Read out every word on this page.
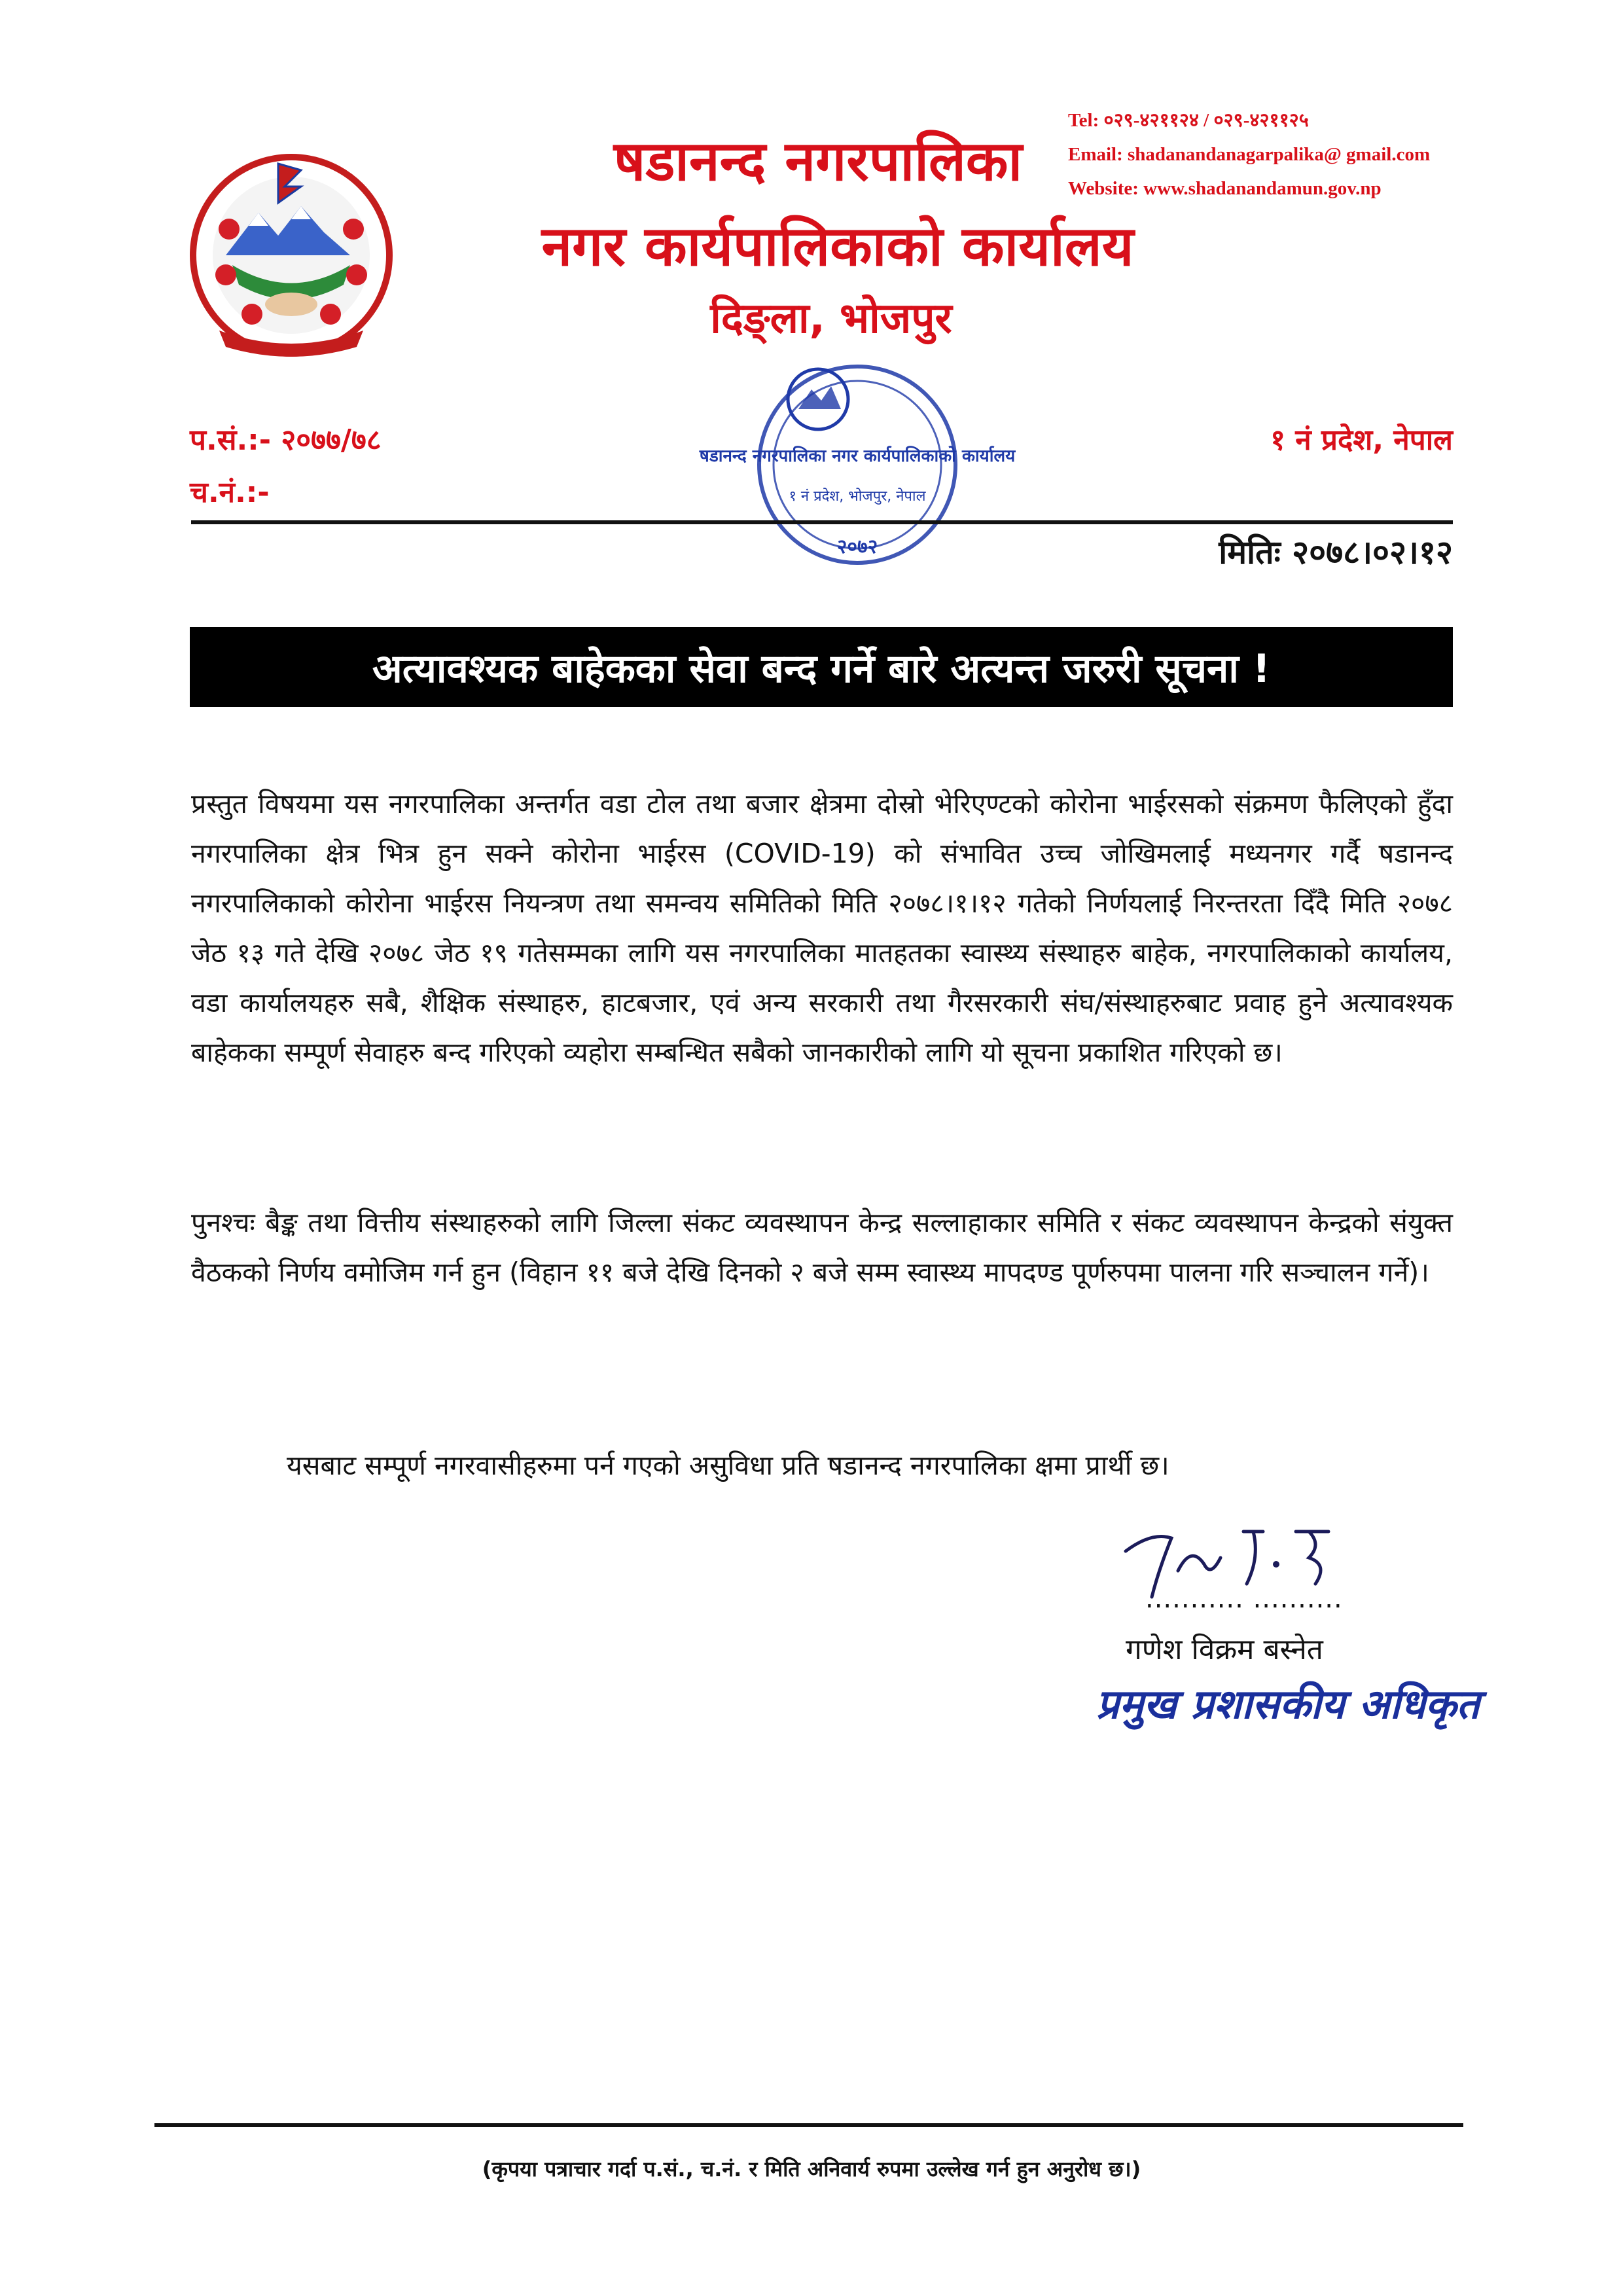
षडानन्द नगरपालिका
नगर कार्यपालिकाको कार्यालय
दिङ्ला, भोजपुर
Tel: ०२९-४२११२४ / ०२९-४२११२५
Email: shadanandanagarpalika@ gmail.com
Website: www.shadanandamun.gov.np
प.सं.:- २०७७/७८
च.नं.:-
१ नं प्रदेश, नेपाल
षडानन्द नगरपालिका नगर कार्यपालिकाको कार्यालय
१ नं प्रदेश, भोजपुर, नेपाल
२०७२	मितिः २०७८।०२।१२
अत्यावश्यक बाहेकका सेवा बन्द गर्ने बारे अत्यन्त जरुरी सूचना !
प्रस्तुत विषयमा यस नगरपालिका अन्तर्गत वडा टोल तथा बजार क्षेत्रमा दोस्रो भेरिएण्टको कोरोना भाईरसको संक्रमण फैलिएको हुँदा नगरपालिका क्षेत्र भित्र हुन सक्ने कोरोना भाईरस (COVID-19) को संभावित उच्च जोखिमलाई मध्यनगर गर्दै षडानन्द नगरपालिकाको कोरोना भाईरस नियन्त्रण तथा समन्वय समितिको मिति २०७८।१।१२ गतेको निर्णयलाई निरन्तरता दिँदै मिति २०७८ जेठ १३ गते देखि २०७८ जेठ १९ गतेसम्मका लागि यस नगरपालिका मातहतका स्वास्थ्य संस्थाहरु बाहेक, नगरपालिकाको कार्यालय, वडा कार्यालयहरु सबै, शैक्षिक संस्थाहरु, हाटबजार, एवं अन्य सरकारी तथा गैरसरकारी संघ/संस्थाहरुबाट प्रवाह हुने अत्यावश्यक बाहेकका सम्पूर्ण सेवाहरु बन्द गरिएको व्यहोरा सम्बन्धित सबैको जानकारीको लागि यो सूचना प्रकाशित गरिएको छ।
पुनश्चः बैङ्क तथा वित्तीय संस्थाहरुको लागि जिल्ला संकट व्यवस्थापन केन्द्र सल्लाहाकार समिति र संकट व्यवस्थापन केन्द्रको संयुक्त वैठकको निर्णय वमोजिम गर्न हुन (विहान ११ बजे देखि दिनको २ बजे सम्म स्वास्थ्य मापदण्ड पूर्णरुपमा पालना गरि सञ्चालन गर्ने)।
यसबाट सम्पूर्ण नगरवासीहरुमा पर्न गएको असुविधा प्रति षडानन्द नगरपालिका क्षमा प्रार्थी छ।
........... ..........
गणेश विक्रम बस्नेत
प्रमुख प्रशासकीय अधिकृत
(कृपया पत्राचार गर्दा प.सं., च.नं. र मिति अनिवार्य रुपमा उल्लेख गर्न हुन अनुरोध छ।)
